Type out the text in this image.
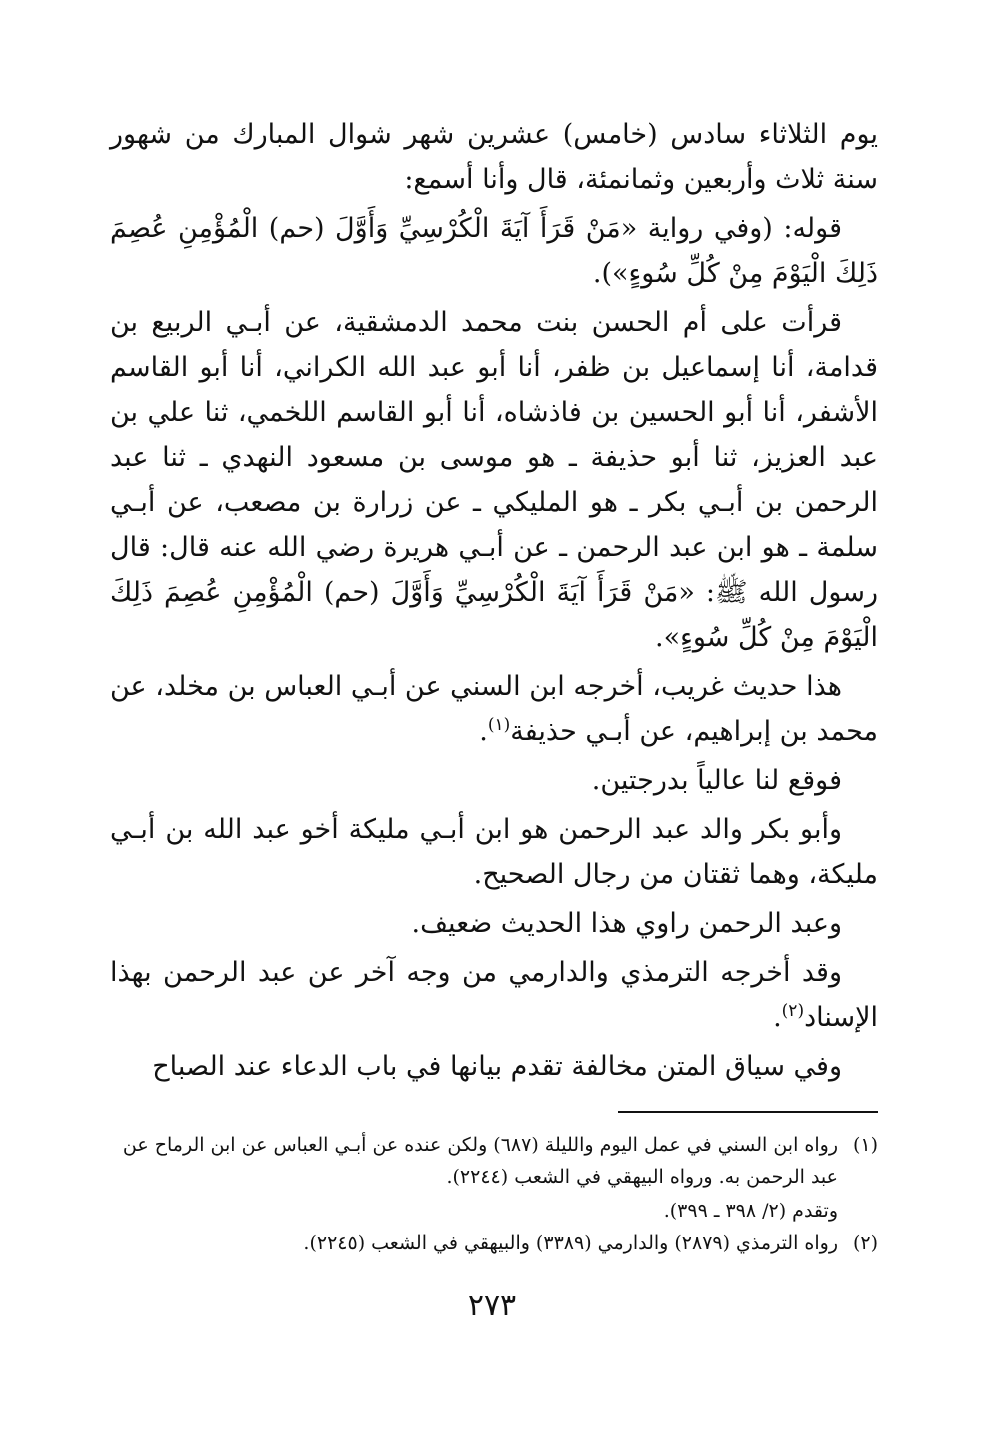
يوم الثلاثاء سادس (خامس) عشرين شهر شوال المبارك من شهور سنة ثلاث وأربعين وثمانمئة، قال وأنا أسمع:

قوله: (وفي رواية «مَنْ قَرَأَ آيَةَ الْكُرْسِيِّ وَأَوَّلَ (حم) الْمُؤْمِنِ عُصِمَ ذَلِكَ الْيَوْمَ مِنْ كُلِّ سُوءٍ»).

قرأت على أم الحسن بنت محمد الدمشقية، عن أبـي الربيع بن قدامة، أنا إسماعيل بن ظفر، أنا أبو عبد الله الكراني، أنا أبو القاسم الأشفر، أنا أبو الحسين بن فاذشاه، أنا أبو القاسم اللخمي، ثنا علي بن عبد العزيز، ثنا أبو حذيفة ـ هو موسى بن مسعود النهدي ـ ثنا عبد الرحمن بن أبـي بكر ـ هو المليكي ـ عن زرارة بن مصعب، عن أبـي سلمة ـ هو ابن عبد الرحمن ـ عن أبـي هريرة رضي الله عنه قال: قال رسول الله ﷺ: «مَنْ قَرَأَ آيَةَ الْكُرْسِيِّ وَأَوَّلَ (حم) الْمُؤْمِنِ عُصِمَ ذَلِكَ الْيَوْمَ مِنْ كُلِّ سُوءٍ».

هذا حديث غريب، أخرجه ابن السني عن أبـي العباس بن مخلد، عن محمد بن إبراهيم، عن أبـي حذيفة$^{(١)}$.

فوقع لنا عالياً بدرجتين.

وأبو بكر والد عبد الرحمن هو ابن أبـي مليكة أخو عبد الله بن أبـي مليكة، وهما ثقتان من رجال الصحيح.

وعبد الرحمن راوي هذا الحديث ضعيف.

وقد أخرجه الترمذي والدارمي من وجه آخر عن عبد الرحمن بهذا الإسناد$^{(٢)}$.

وفي سياق المتن مخالفة تقدم بيانها في باب الدعاء عند الصباح

(١)
رواه ابن السني في عمل اليوم والليلة (٦٨٧) ولكن عنده عن أبـي العباس عن ابن الرماح عن عبد الرحمن به. ورواه البيهقي في الشعب (٢٢٤٤).

وتقدم (٢/ ٣٩٨ ـ ٣٩٩).

(٢)
رواه الترمذي (٢٨٧٩) والدارمي (٣٣٨٩) والبيهقي في الشعب (٢٢٤٥).
٢٧٣
